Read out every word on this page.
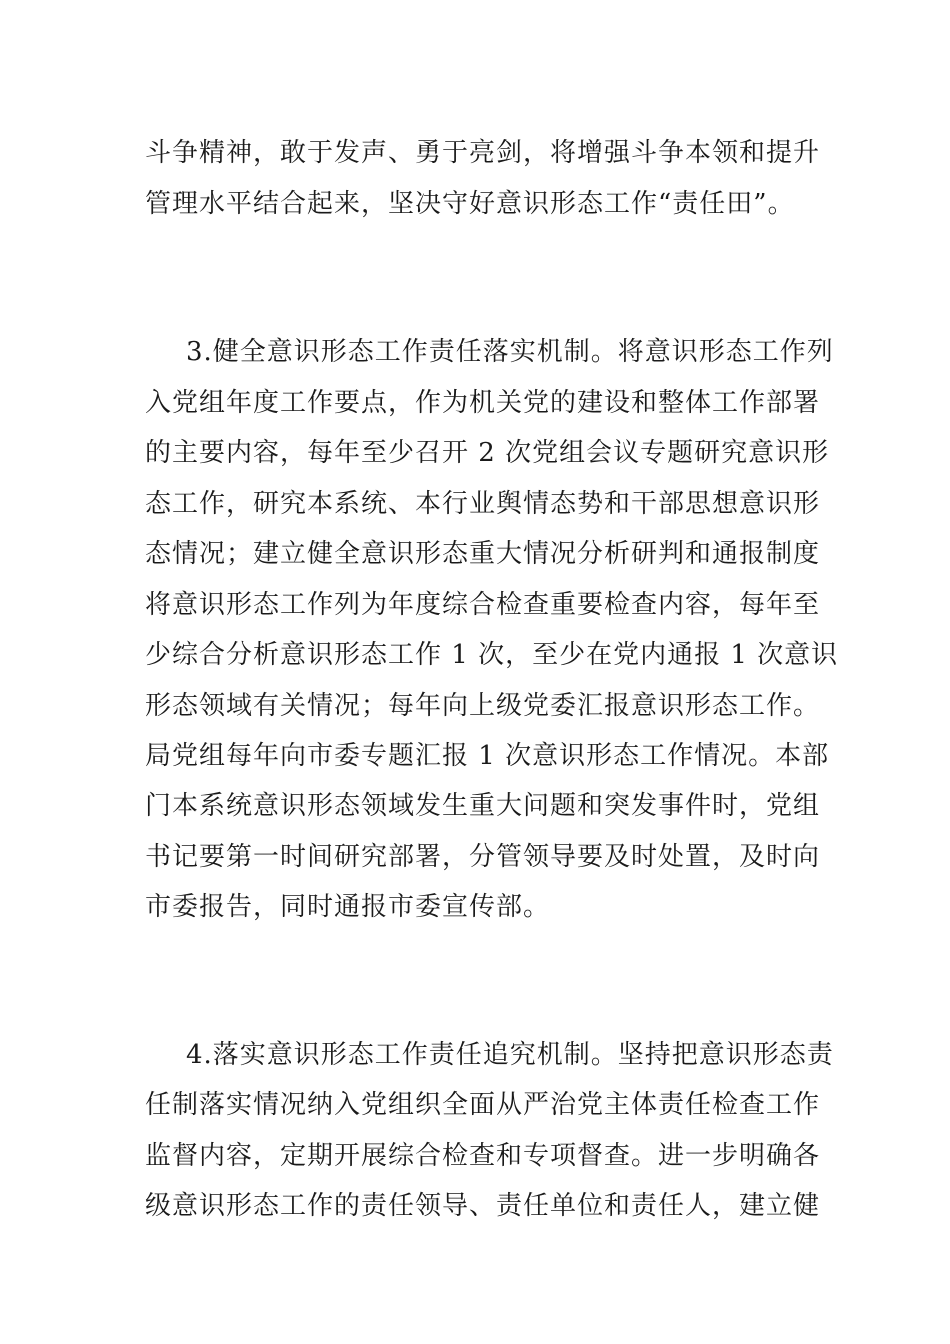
斗争精神，敢于发声、勇于亮剑，将增强斗争本领和提升
管理水平结合起来，坚决守好意识形态工作“责任田”。
3.健全意识形态工作责任落实机制。将意识形态工作列
入党组年度工作要点，作为机关党的建设和整体工作部署
的主要内容，每年至少召开 2 次党组会议专题研究意识形
态工作，研究本系统、本行业舆情态势和干部思想意识形
态情况；建立健全意识形态重大情况分析研判和通报制度
将意识形态工作列为年度综合检查重要检查内容，每年至
少综合分析意识形态工作 1 次，至少在党内通报 1 次意识
形态领域有关情况；每年向上级党委汇报意识形态工作。
局党组每年向市委专题汇报 1 次意识形态工作情况。本部
门本系统意识形态领域发生重大问题和突发事件时，党组
书记要第一时间研究部署，分管领导要及时处置，及时向
市委报告，同时通报市委宣传部。
4.落实意识形态工作责任追究机制。坚持把意识形态责
任制落实情况纳入党组织全面从严治党主体责任检查工作
监督内容，定期开展综合检查和专项督查。进一步明确各
级意识形态工作的责任领导、责任单位和责任人，建立健
